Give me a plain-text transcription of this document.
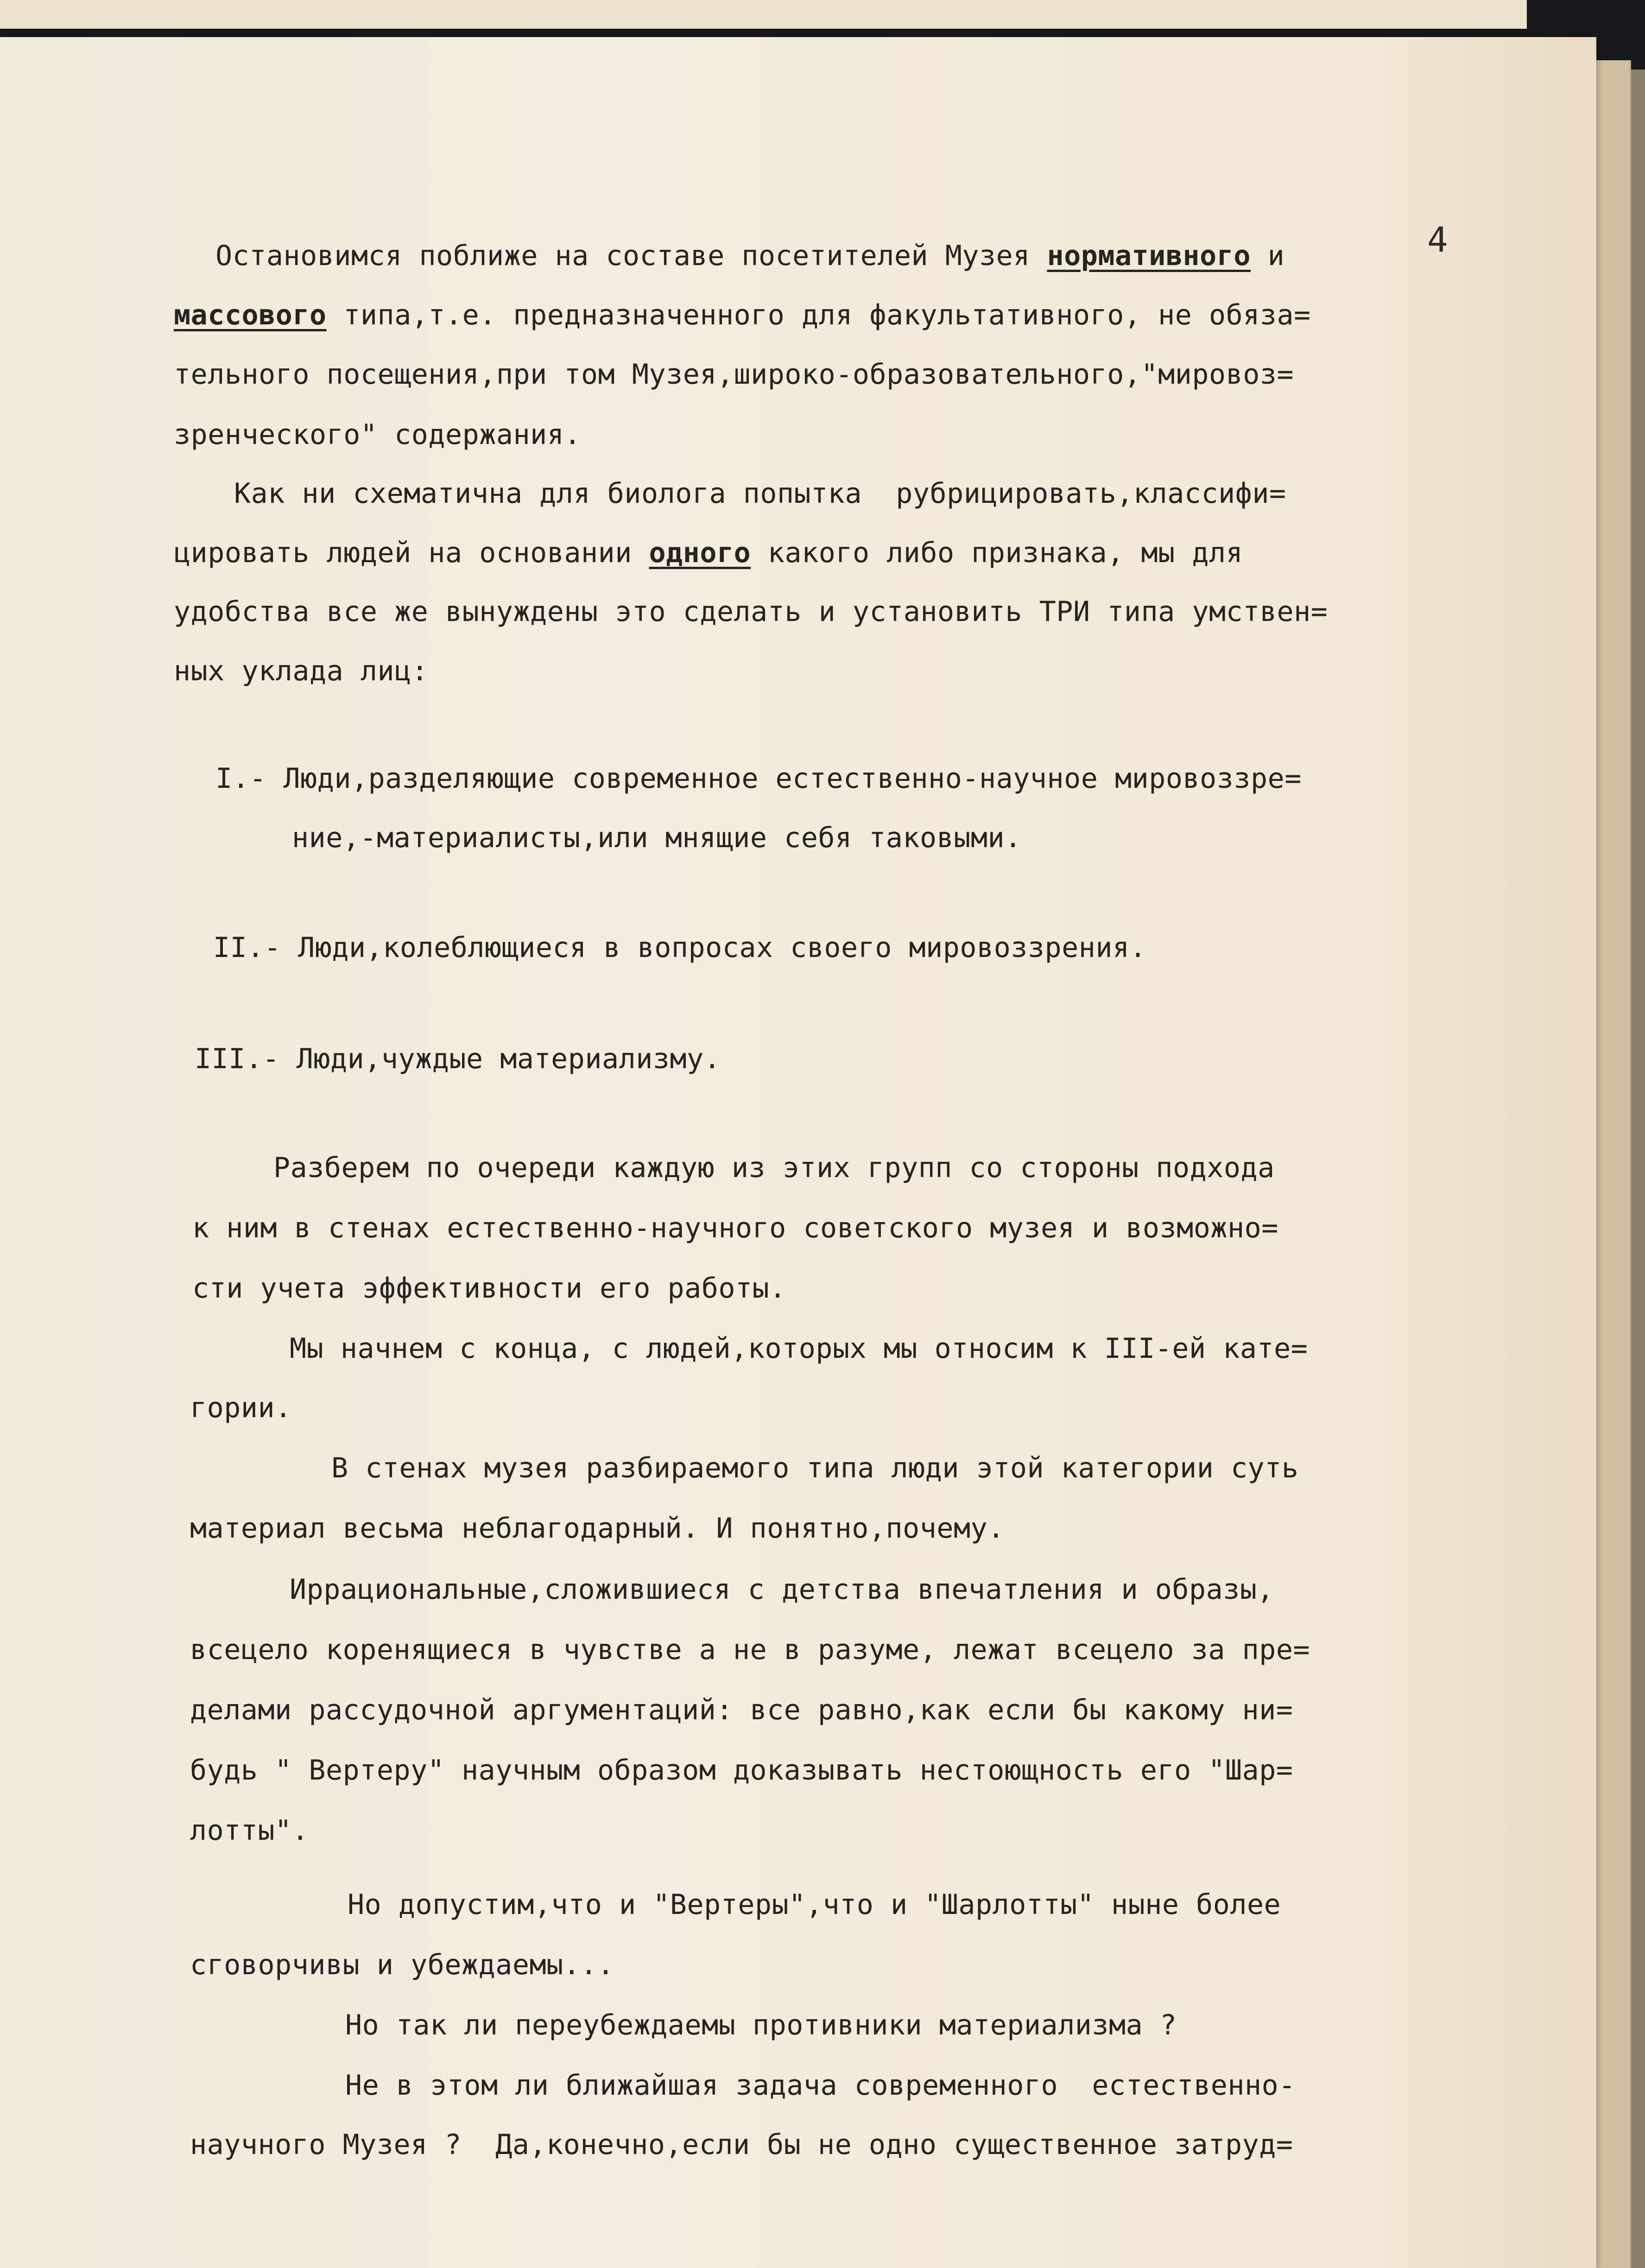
4

Остановимся поближе на составе посетителей Музея нормативного и

массового типа,т.е. предназначенного для факультативного, не обяза=

тельного посещения,при том Музея,широко-образовательного,"мировоз=

зренческого" содержания.

Как ни схематична для биолога попытка  рубрицировать,классифи=

цировать людей на основании одного какого либо признака, мы для

удобства все же вынуждены это сделать и установить ТРИ типа умствен=

ных уклада лиц:

I.- Люди,разделяющие современное естественно-научное мировоззре=

ние,-материалисты,или мнящие себя таковыми.

II.- Люди,колеблющиеся в вопросах своего мировоззрения.

III.- Люди,чуждые материализму.

Разберем по очереди каждую из этих групп со стороны подхода

к ним в стенах естественно-научного советского музея и возможно=

сти учета эффективности его работы.

Мы начнем с конца, с людей,которых мы относим к III-ей кате=

гории.

В стенах музея разбираемого типа люди этой категории суть

материал весьма неблагодарный. И понятно,почему.

Иррациональные,сложившиеся с детства впечатления и образы,

всецело коренящиеся в чувстве а не в разуме, лежат всецело за пре=

делами рассудочной аргументаций: все равно,как если бы какому ни=

будь " Вертеру" научным образом доказывать нестоющность его "Шар=

лотты".

Но допустим,что и "Вертеры",что и "Шарлотты" ныне более

сговорчивы и убеждаемы...

Но так ли переубеждаемы противники материализма ?

Не в этом ли ближайшая задача современного  естественно-

научного Музея ?  Да,конечно,если бы не одно существенное затруд=
